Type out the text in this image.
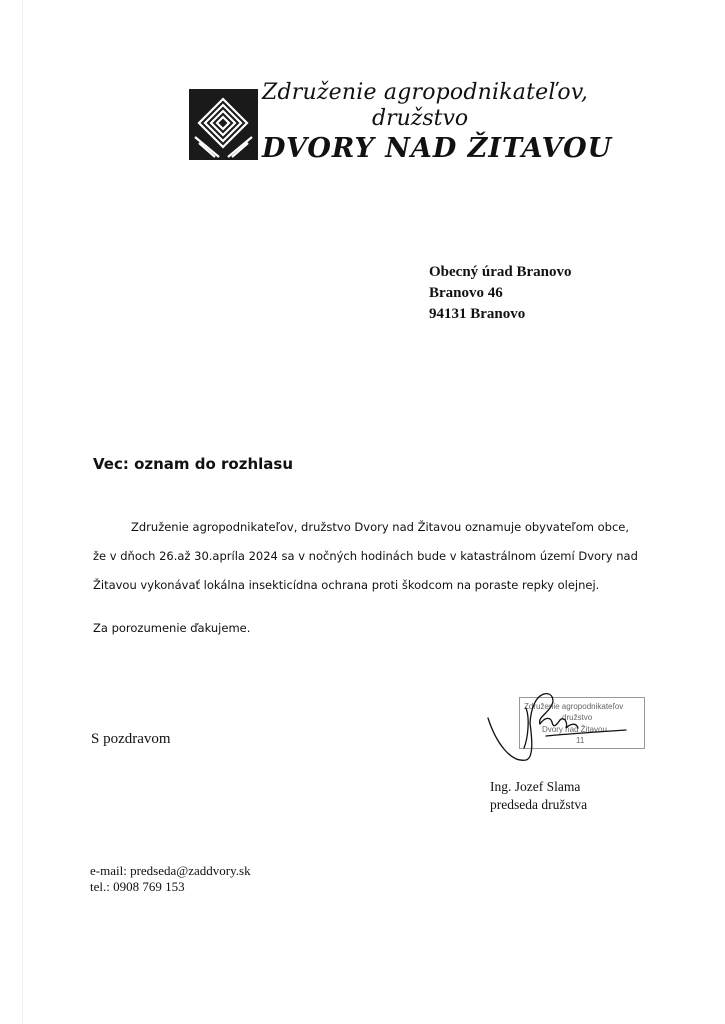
Združenie agropodnikateľov,
družstvo
DVORY NAD ŽITAVOU
Obecný úrad Branovo
Branovo 46
94131 Branovo
Vec: oznam do rozhlasu
Združenie agropodnikateľov, družstvo Dvory nad Žitavou oznamuje obyvateľom obce,
že v dňoch 26.až 30.apríla 2024 sa v nočných hodinách bude v katastrálnom území Dvory nad
Žitavou vykonávať lokálna insekticídna ochrana proti škodcom na poraste repky olejnej.
Za porozumenie ďakujeme.
S pozdravom
Združenie agropodnikateľov
družstvo
Dvory nad Žitavou
11
Ing. Jozef Slama
predseda družstva
e-mail: predseda@zaddvory.sk
tel.: 0908 769 153
